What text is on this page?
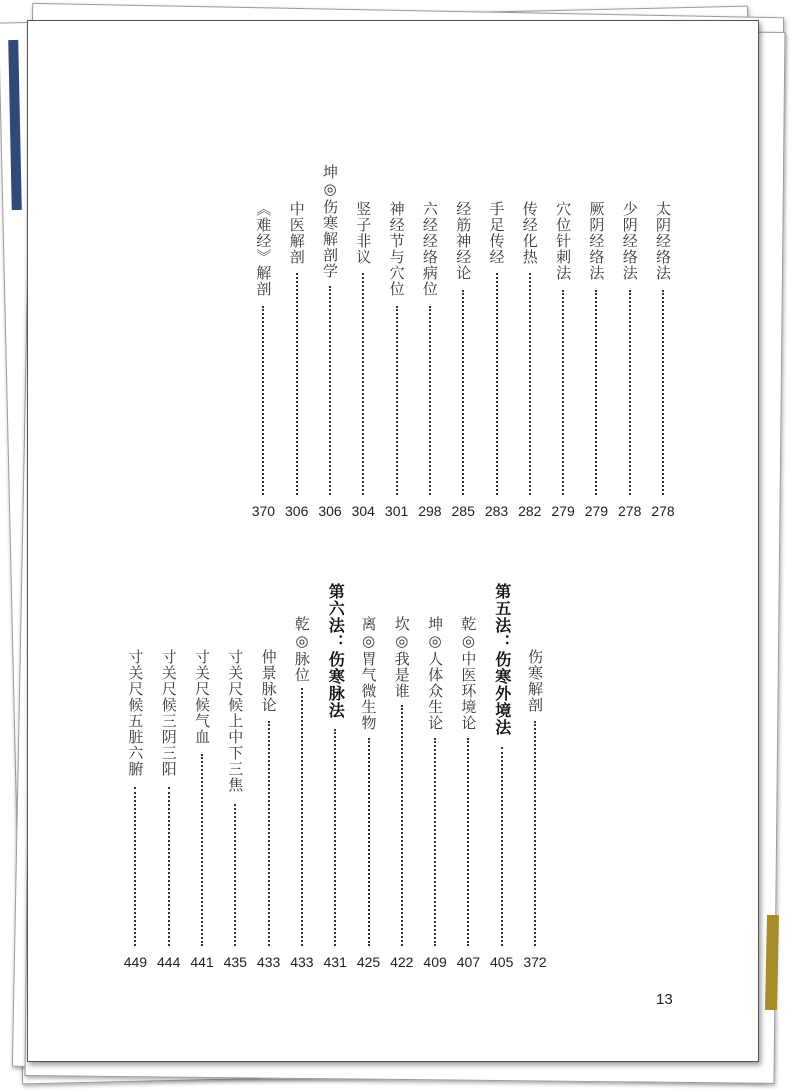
太阴经络法
278
少阴经络法
278
厥阴经络法
279
穴位针刺法
279
传经化热
282
手足传经
283
经筋神经论
285
六经经络病位
298
神经节与穴位
301
竖子非议
304
坤◎伤寒解剖学
306
中医解剖
306
《难经》解剖
370
伤寒解剖
372
第五法：伤寒外境法
405
乾◎中医环境论
407
坤◎人体众生论
409
坎◎我是谁
422
离◎胃气微生物
425
第六法：伤寒脉法
431
乾◎脉位
433
仲景脉论
433
寸关尺候上中下三焦
435
寸关尺候气血
441
寸关尺候三阴三阳
444
寸关尺候五脏六腑
449
13
